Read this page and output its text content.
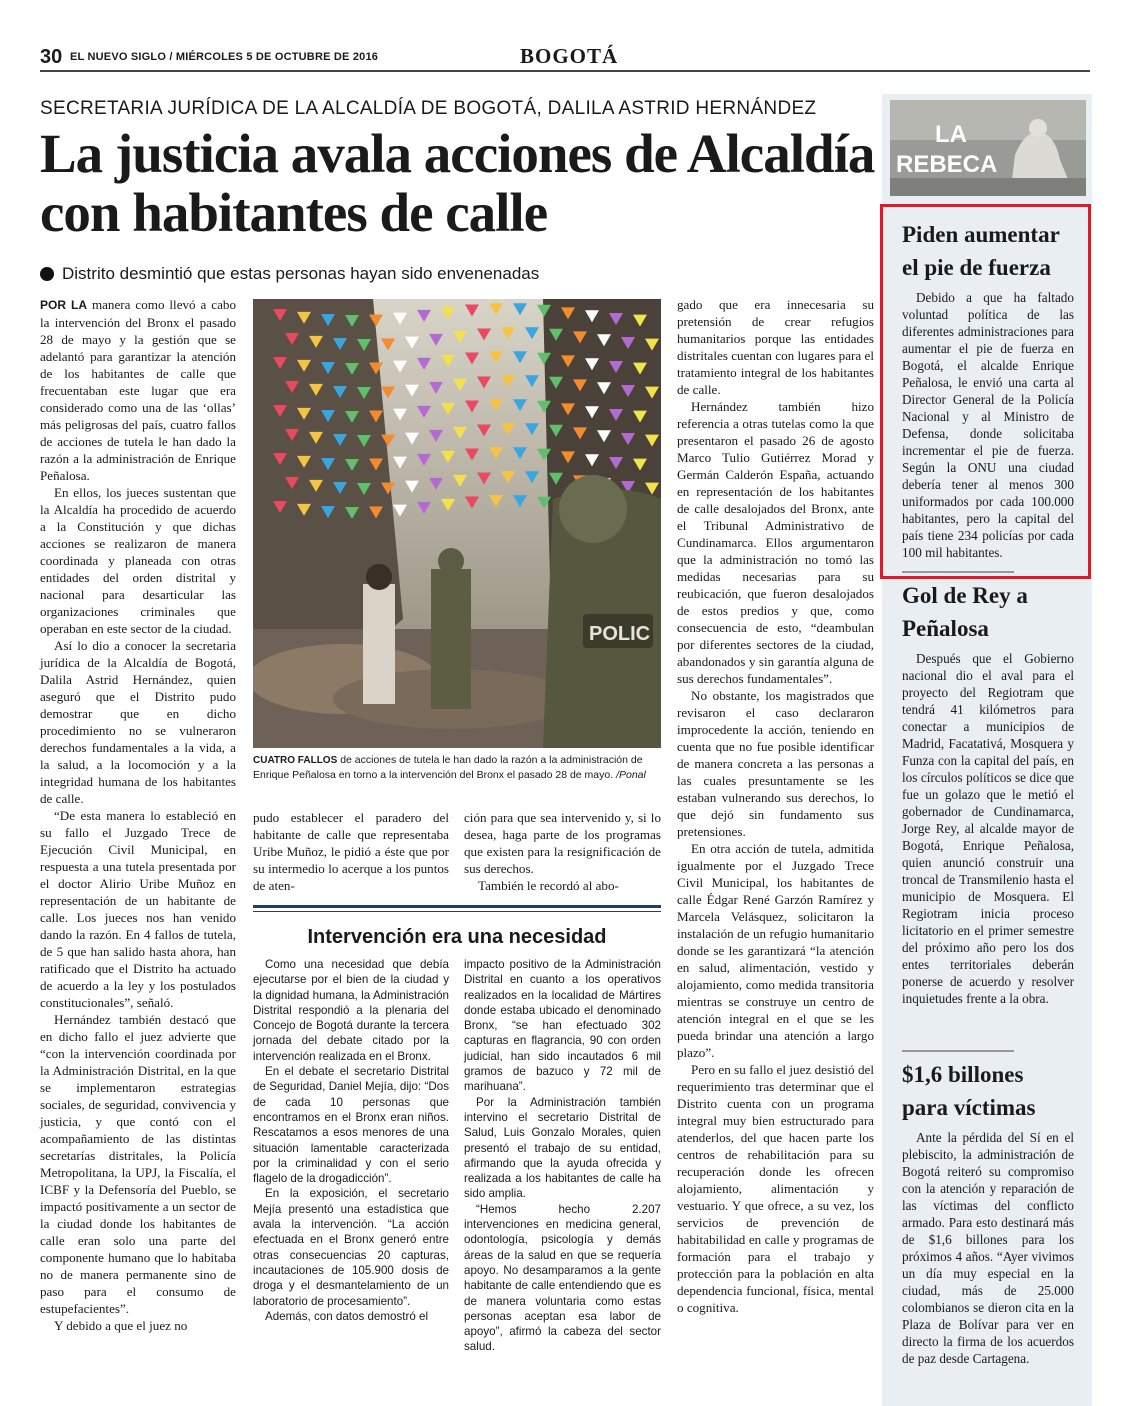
30 EL NUEVO SIGLO / MIÉRCOLES 5 DE OCTUBRE DE 2016	BOGOTÁ
SECRETARIA JURÍDICA DE LA ALCALDÍA DE BOGOTÁ, DALILA ASTRID HERNÁNDEZ
La justicia avala acciones de Alcaldía con habitantes de calle
Distrito desmintió que estas personas hayan sido envenenadas

POR LA manera como llevó a cabo la intervención del Bronx el pasado 28 de mayo y la gestión que se adelantó para garantizar la atención de los habitantes de calle que frecuentaban este lugar que era considerado como una de las ‘ollas’ más peligrosas del país, cuatro fallos de acciones de tutela le han dado la razón a la administración de Enrique Peñalosa.

En ellos, los jueces sustentan que la Alcaldía ha procedido de acuerdo a la Constitución y que dichas acciones se realizaron de manera coordinada y planeada con otras entidades del orden distrital y nacional para desarticular las organizaciones criminales que operaban en este sector de la ciudad.

Así lo dio a conocer la secretaria jurídica de la Alcaldía de Bogotá, Dalila Astrid Hernández, quien aseguró que el Distrito pudo demostrar que en dicho procedimiento no se vulneraron derechos fundamentales a la vida, a la salud, a la locomoción y a la integridad humana de los habitantes de calle.

“De esta manera lo estableció en su fallo el Juzgado Trece de Ejecución Civil Municipal, en respuesta a una tutela presentada por el doctor Alirio Uribe Muñoz en representación de un habitante de calle. Los jueces nos han venido dando la razón. En 4 fallos de tutela, de 5 que han salido hasta ahora, han ratificado que el Distrito ha actuado de acuerdo a la ley y los postulados constitucionales”, señaló.

Hernández también destacó que en dicho fallo el juez advierte que “con la intervención coordinada por la Administración Distrital, en la que se implementaron estrategias sociales, de seguridad, convivencia y justicia, y que contó con el acompañamiento de las distintas secretarías distritales, la Policía Metropolitana, la UPJ, la Fiscalía, el ICBF y la Defensoría del Pueblo, se impactó positivamente a un sector de la ciudad donde los habitantes de calle eran solo una parte del componente humano que lo habitaba no de manera permanente sino de paso para el consumo de estupefacientes”.

Y debido a que el juez no

POLIC
CUATRO FALLOS de acciones de tutela le han dado la razón a la administración de Enrique Peñalosa en torno a la intervención del Bronx el pasado 28 de mayo. /Ponal

pudo establecer el paradero del habitante de calle que representaba Uribe Muñoz, le pidió a éste que por su intermedio lo acerque a los puntos de aten-

ción para que sea intervenido y, si lo desea, haga parte de los programas que existen para la resignificación de sus derechos.

También le recordó al abo-

gado que era innecesaria su pretensión de crear refugios humanitarios porque las entidades distritales cuentan con lugares para el tratamiento integral de los habitantes de calle.

Hernández también hizo referencia a otras tutelas como la que presentaron el pasado 26 de agosto Marco Tulio Gutiérrez Morad y Germán Calderón España, actuando en representación de los habitantes de calle desalojados del Bronx, ante el Tribunal Administrativo de Cundinamarca. Ellos argumentaron que la administración no tomó las medidas necesarias para su reubicación, que fueron desalojados de estos predios y que, como consecuencia de esto, “deambulan por diferentes sectores de la ciudad, abandonados y sin garantía alguna de sus derechos fundamentales”.

No obstante, los magistrados que revisaron el caso declararon improcedente la acción, teniendo en cuenta que no fue posible identificar de manera concreta a las personas a las cuales presuntamente se les estaban vulnerando sus derechos, lo que dejó sin fundamento sus pretensiones.

En otra acción de tutela, admitida igualmente por el Juzgado Trece Civil Municipal, los habitantes de calle Édgar René Garzón Ramírez y Marcela Velásquez, solicitaron la instalación de un refugio humanitario donde se les garantizará “la atención en salud, alimentación, vestido y alojamiento, como medida transitoria mientras se construye un centro de atención integral en el que se les pueda brindar una atención a largo plazo”.

Pero en su fallo el juez desistió del requerimiento tras determinar que el Distrito cuenta con un programa integral muy bien estructurado para atenderlos, del que hacen parte los centros de rehabilitación para su recuperación donde les ofrecen alojamiento, alimentación y vestuario. Y que ofrece, a su vez, los servicios de prevención de habitabilidad en calle y programas de formación para el trabajo y protección para la población en alta dependencia funcional, física, mental o cognitiva.

Intervención era una necesidad

Como una necesidad que debía ejecutarse por el bien de la ciudad y la dignidad humana, la Administración Distrital respondió a la plenaria del Concejo de Bogotá durante la tercera jornada del debate citado por la intervención realizada en el Bronx.

En el debate el secretario Distrital de Seguridad, Daniel Mejía, dijo: “Dos de cada 10 personas que encontramos en el Bronx eran niños. Rescatamos a esos menores de una situación lamentable caracterizada por la criminalidad y con el serio flagelo de la drogadicción”.

En la exposición, el secretario Mejía presentó una estadística que avala la intervención. “La acción efectuada en el Bronx generó entre otras consecuencias 20 capturas, incautaciones de 105.900 dosis de droga y el desmantelamiento de un laboratorio de procesamiento”.

Además, con datos demostró el

impacto positivo de la Administración Distrital en cuanto a los operativos realizados en la localidad de Mártires donde estaba ubicado el denominado Bronx, “se han efectuado 302 capturas en flagrancia, 90 con orden judicial, han sido incautados 6 mil gramos de bazuco y 72 mil de marihuana”.

Por la Administración también intervino el secretario Distrital de Salud, Luis Gonzalo Morales, quien presentó el trabajo de su entidad, afirmando que la ayuda ofrecida y realizada a los habitantes de calle ha sido amplia.

“Hemos hecho 2.207 intervenciones en medicina general, odontología, psicología y demás áreas de la salud en que se requería apoyo. No desamparamos a la gente habitante de calle entendiendo que es de manera voluntaria como estas personas aceptan esa labor de apoyo”, afirmó la cabeza del sector salud.

LA
REBECA
Piden aumentar el pie de fuerza

Debido a que ha faltado voluntad política de las diferentes administraciones para aumentar el pie de fuerza en Bogotá, el alcalde Enrique Peñalosa, le envió una carta al Director General de la Policía Nacional y al Ministro de Defensa, donde solicitaba incrementar el pie de fuerza. Según la ONU una ciudad debería tener al menos 300 uniformados por cada 100.000 habitantes, pero la capital del país tiene 234 policías por cada 100 mil habitantes.

Gol de Rey a Peñalosa

Después que el Gobierno nacional dio el aval para el proyecto del Regiotram que tendrá 41 kilómetros para conectar a municipios de Madrid, Facatativá, Mosquera y Funza con la capital del país, en los círculos políticos se dice que fue un golazo que le metió el gobernador de Cundinamarca, Jorge Rey, al alcalde mayor de Bogotá, Enrique Peñalosa, quien anunció construir una troncal de Transmilenio hasta el municipio de Mosquera. El Regiotram inicia proceso licitatorio en el primer semestre del próximo año pero los dos entes territoriales deberán ponerse de acuerdo y resolver inquietudes frente a la obra.

$1,6 billones para víctimas

Ante la pérdida del Sí en el plebiscito, la administración de Bogotá reiteró su compromiso con la atención y reparación de las víctimas del conflicto armado. Para esto destinará más de $1,6 billones para los próximos 4 años. “Ayer vivimos un día muy especial en la ciudad, más de 25.000 colombianos se dieron cita en la Plaza de Bolívar para ver en directo la firma de los acuerdos de paz desde Cartagena.
